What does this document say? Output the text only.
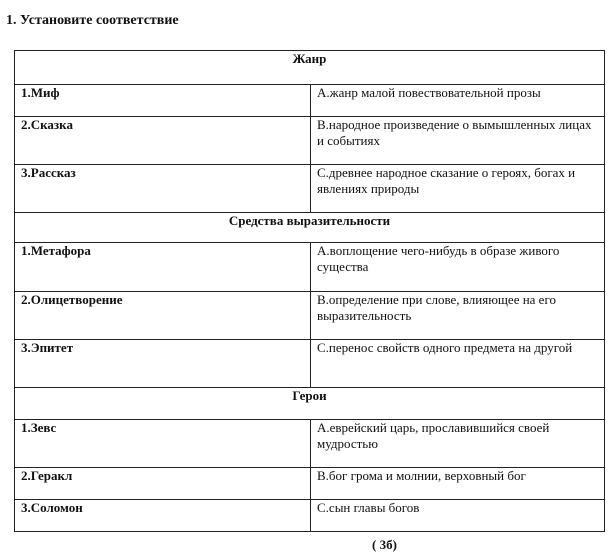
1. Установите соответствие
Жанр	
1.Миф	А.жанр малой повествовательной прозы
2.Сказка	В.народное произведение о вымышленных лицах и событиях
3.Рассказ	С.древнее народное сказание о героях, богах и явлениях природы
Средства выразительности	
1.Метафора	А.воплощение чего-нибудь в образе живого существа
2.Олицетворение	В.определение при слове, влияющее на его выразительность
3.Эпитет	С.перенос свойств одного предмета на другой
Герои	
1.Зевс	А.еврейский царь, прославившийся своей мудростью
2.Геракл	В.бог грома и молнии, верховный бог
3.Соломон	С.сын главы богов
( 3б)
